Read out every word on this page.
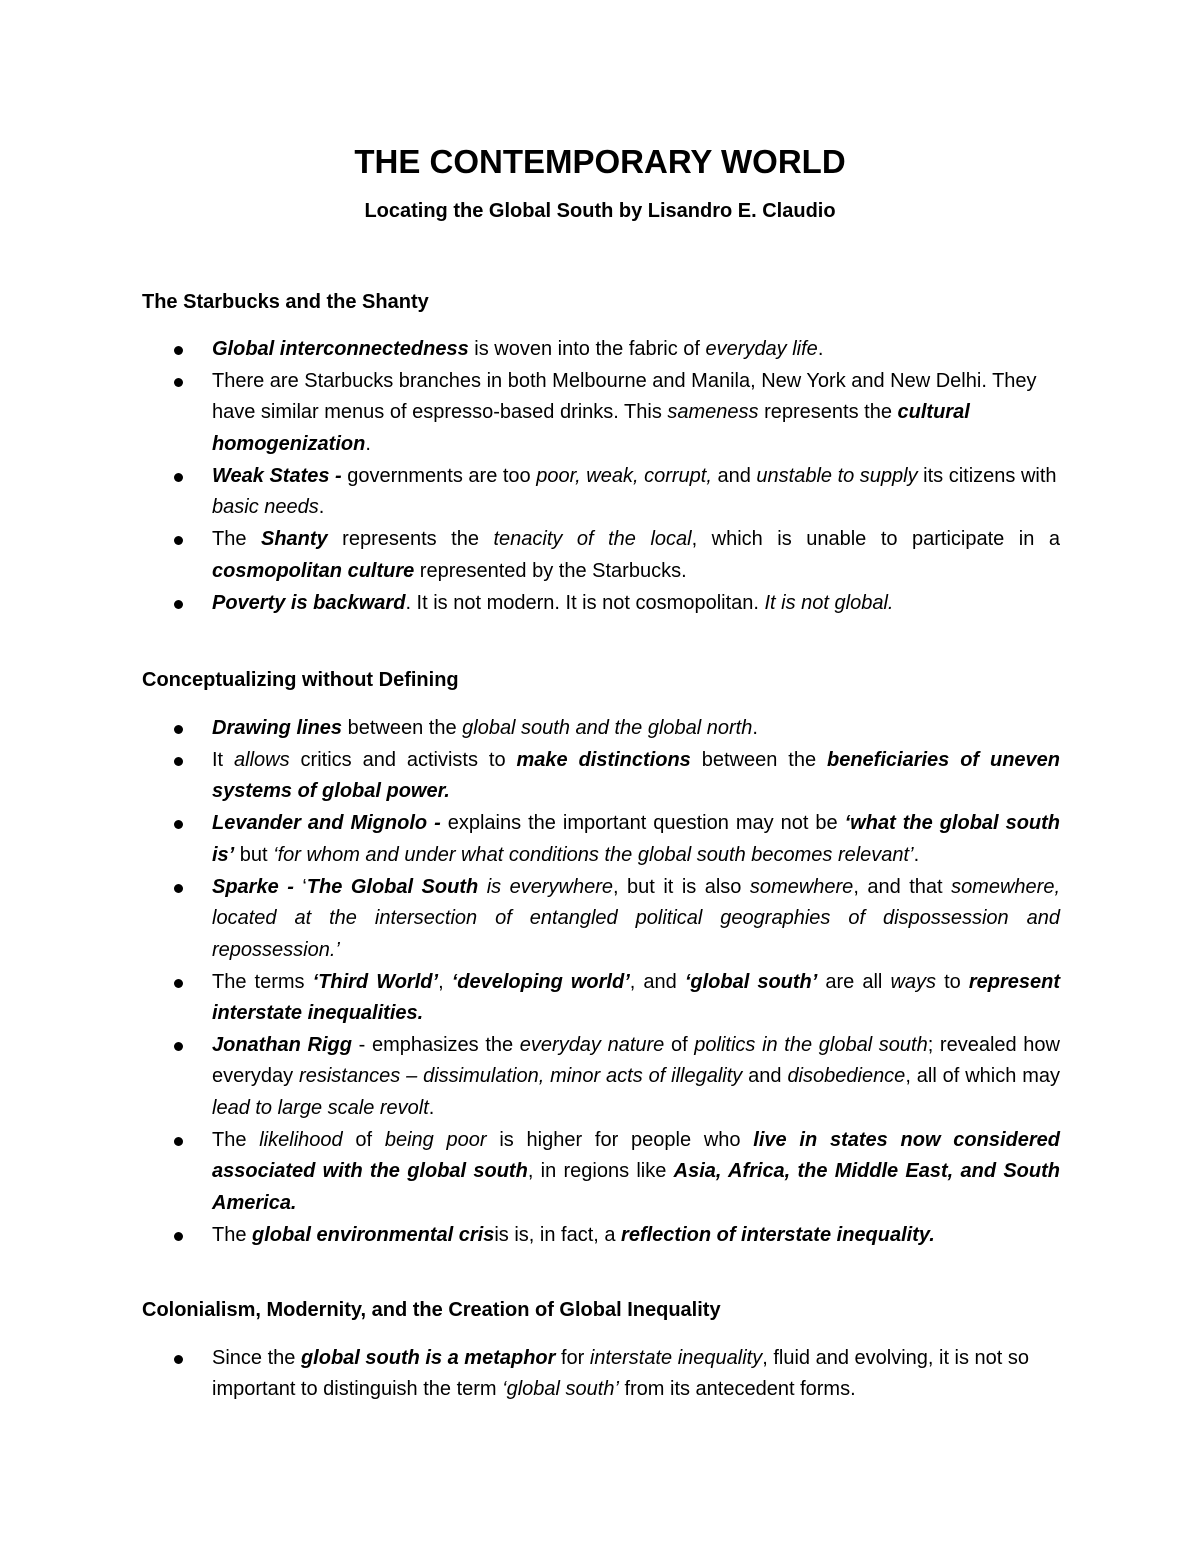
THE CONTEMPORARY WORLD
Locating the Global South by Lisandro E. Claudio
The Starbucks and the Shanty
Global interconnectedness is woven into the fabric of everyday life.
There are Starbucks branches in both Melbourne and Manila, New York and New Delhi. They have similar menus of espresso-based drinks. This sameness represents the cultural homogenization.
Weak States - governments are too poor, weak, corrupt, and unstable to supply its citizens with basic needs.
The Shanty represents the tenacity of the local, which is unable to participate in a cosmopolitan culture represented by the Starbucks.
Poverty is backward. It is not modern. It is not cosmopolitan. It is not global.
Conceptualizing without Defining
Drawing lines between the global south and the global north.
It allows critics and activists to make distinctions between the beneficiaries of uneven systems of global power.
Levander and Mignolo - explains the important question may not be ‘what the global south is’ but ‘for whom and under what conditions the global south becomes relevant’.
Sparke - ‘The Global South is everywhere, but it is also somewhere, and that somewhere, located at the intersection of entangled political geographies of dispossession and repossession.’
The terms ‘Third World’, ‘developing world’, and ‘global south’ are all ways to represent interstate inequalities.
Jonathan Rigg - emphasizes the everyday nature of politics in the global south; revealed how everyday resistances – dissimulation, minor acts of illegality and disobedience, all of which may lead to large scale revolt.
The likelihood of being poor is higher for people who live in states now considered associated with the global south, in regions like Asia, Africa, the Middle East, and South America.
The global environmental crisis is, in fact, a reflection of interstate inequality.
Colonialism, Modernity, and the Creation of Global Inequality
Since the global south is a metaphor for interstate inequality, fluid and evolving, it is not so important to distinguish the term ‘global south’ from its antecedent forms.
